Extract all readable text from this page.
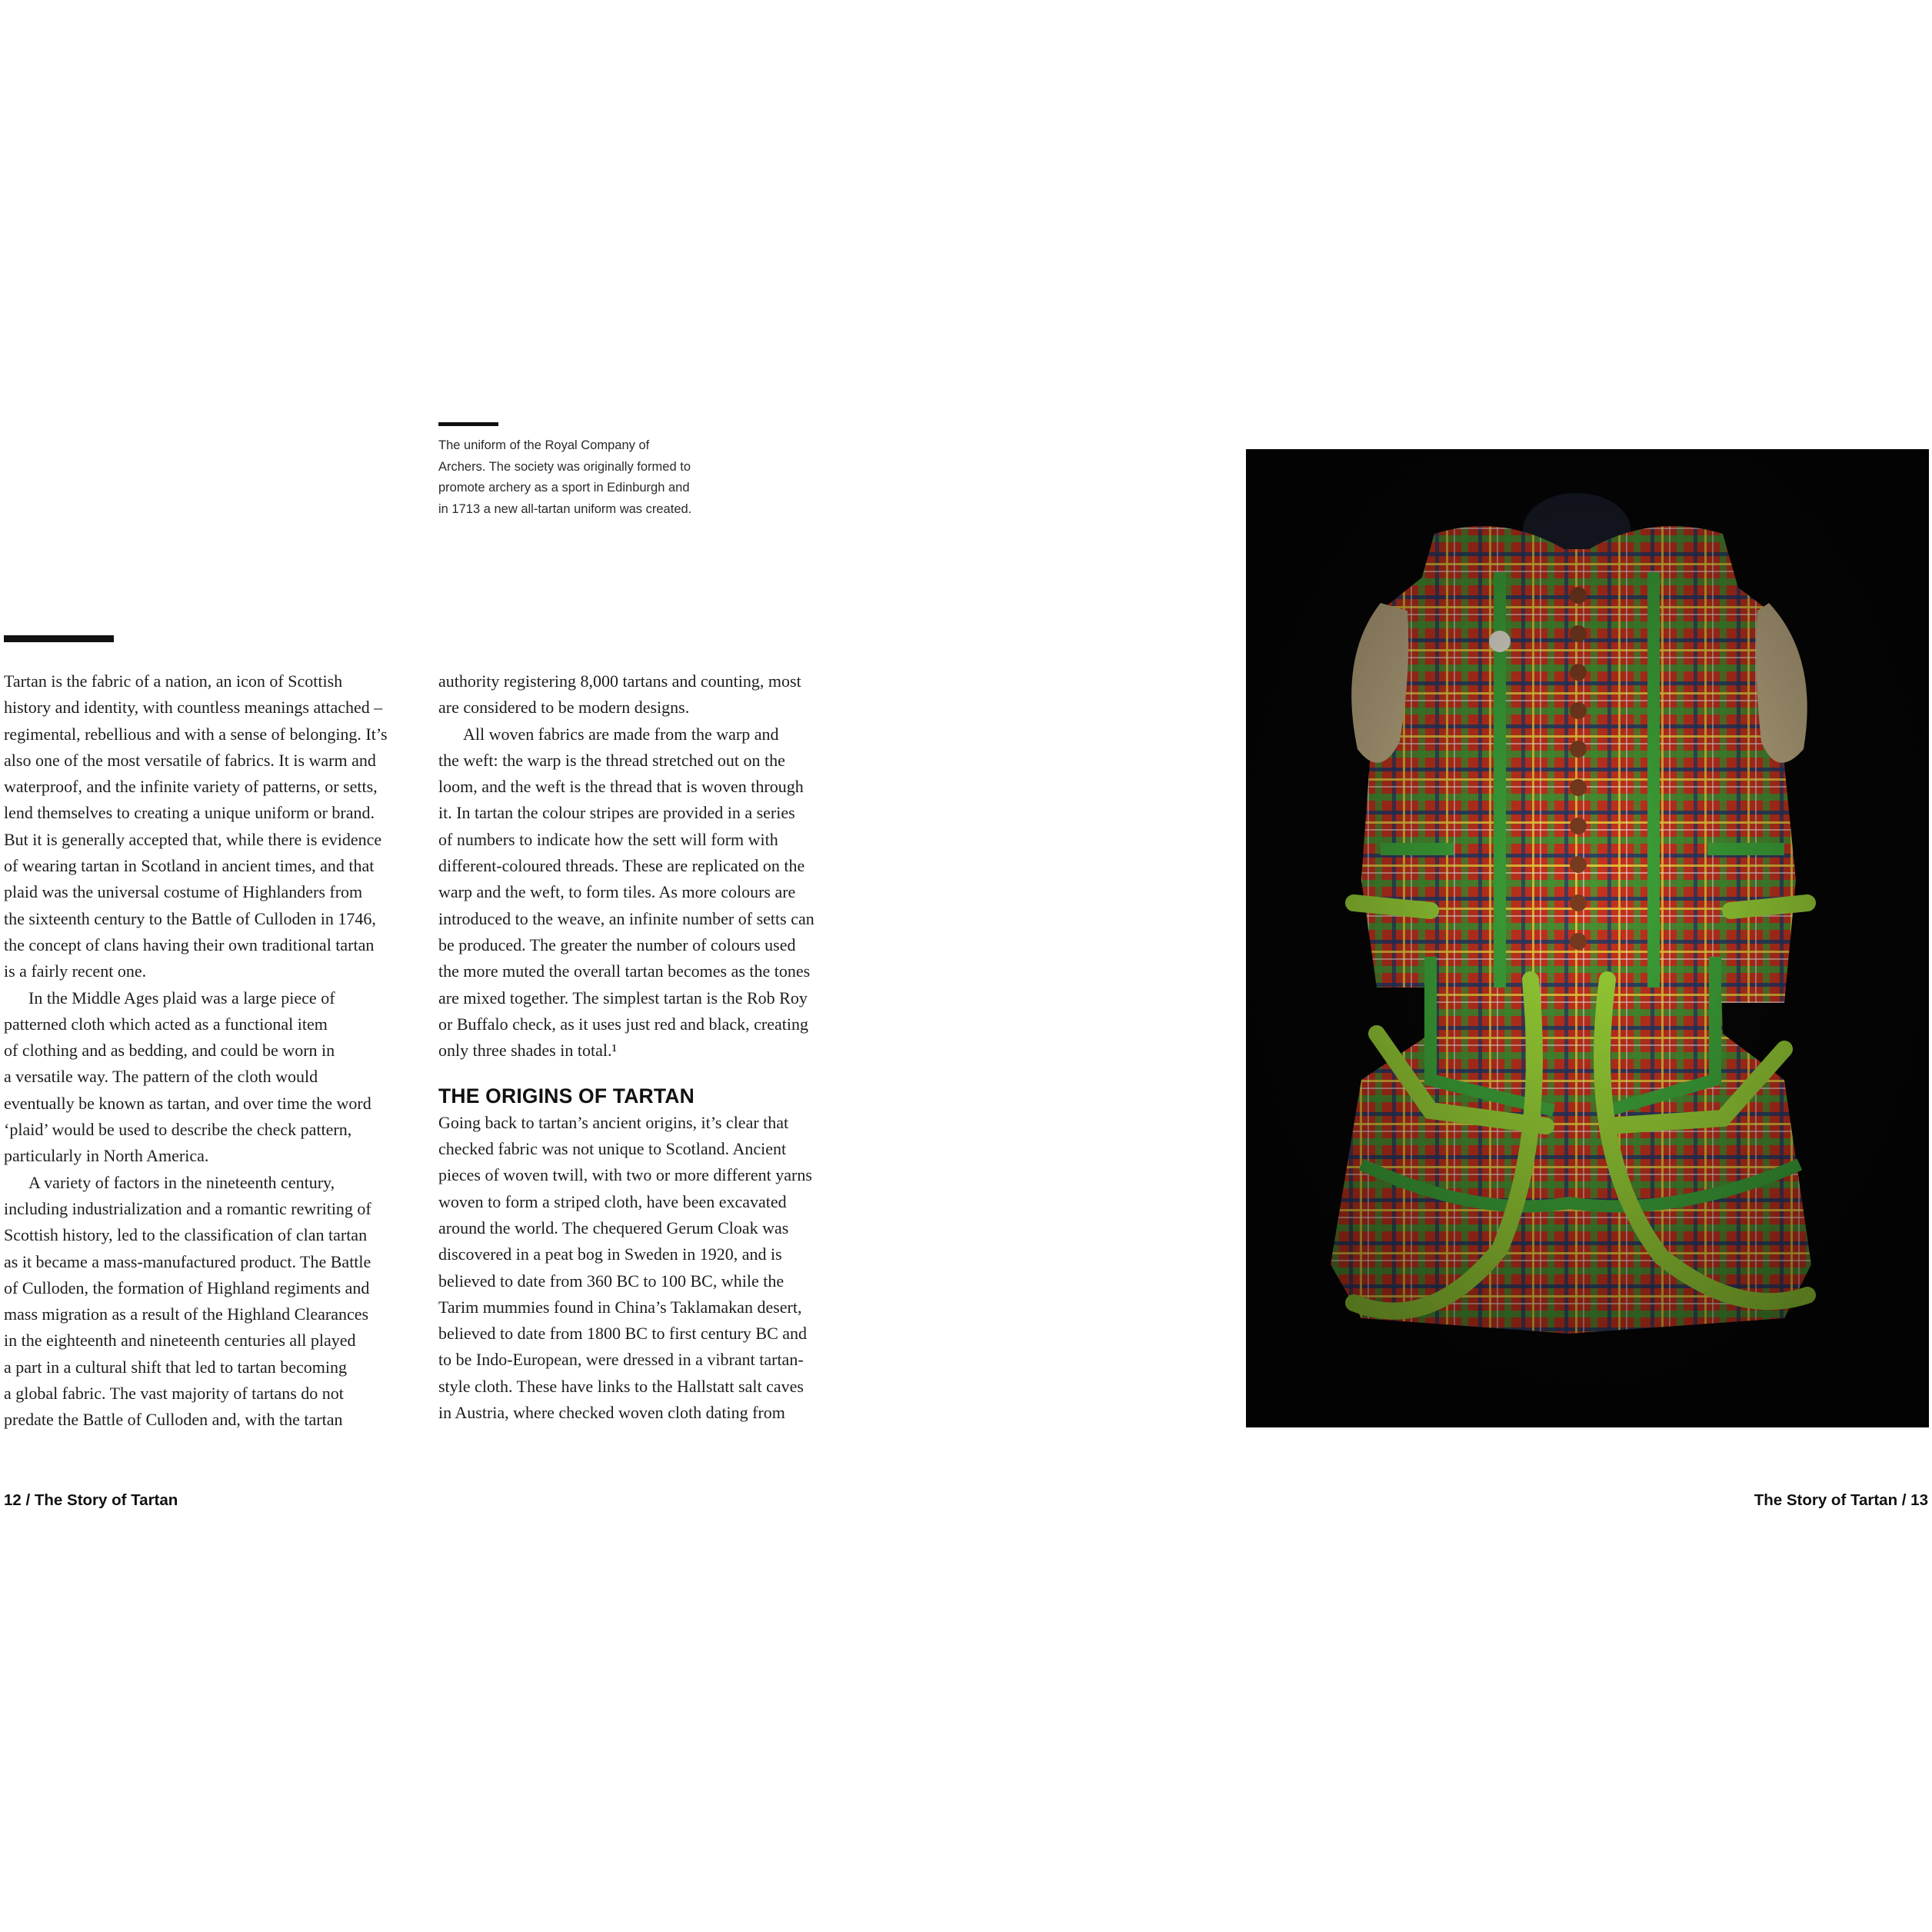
The uniform of the Royal Company of
Archers. The society was originally formed to
promote archery as a sport in Edinburgh and
in 1713 a new all-tartan uniform was created.
Tartan is the fabric of a nation, an icon of Scottish
history and identity, with countless meanings attached –
regimental, rebellious and with a sense of belonging. It’s
also one of the most versatile of fabrics. It is warm and
waterproof, and the infinite variety of patterns, or setts,
lend themselves to creating a unique uniform or brand.
But it is generally accepted that, while there is evidence
of wearing tartan in Scotland in ancient times, and that
plaid was the universal costume of Highlanders from
the sixteenth century to the Battle of Culloden in 1746,
the concept of clans having their own traditional tartan
is a fairly recent one.
In the Middle Ages plaid was a large piece of
patterned cloth which acted as a functional item
of clothing and as bedding, and could be worn in
a versatile way. The pattern of the cloth would
eventually be known as tartan, and over time the word
‘plaid’ would be used to describe the check pattern,
particularly in North America.
A variety of factors in the nineteenth century,
including industrialization and a romantic rewriting of
Scottish history, led to the classification of clan tartan
as it became a mass-manufactured product. The Battle
of Culloden, the formation of Highland regiments and
mass migration as a result of the Highland Clearances
in the eighteenth and nineteenth centuries all played
a part in a cultural shift that led to tartan becoming
a global fabric. The vast majority of tartans do not
predate the Battle of Culloden and, with the tartan
authority registering 8,000 tartans and counting, most
are considered to be modern designs.
All woven fabrics are made from the warp and
the weft: the warp is the thread stretched out on the
loom, and the weft is the thread that is woven through
it. In tartan the colour stripes are provided in a series
of numbers to indicate how the sett will form with
different-coloured threads. These are replicated on the
warp and the weft, to form tiles. As more colours are
introduced to the weave, an infinite number of setts can
be produced. The greater the number of colours used
the more muted the overall tartan becomes as the tones
are mixed together. The simplest tartan is the Rob Roy
or Buffalo check, as it uses just red and black, creating
only three shades in total.¹
THE ORIGINS OF TARTAN
Going back to tartan’s ancient origins, it’s clear that
checked fabric was not unique to Scotland. Ancient
pieces of woven twill, with two or more different yarns
woven to form a striped cloth, have been excavated
around the world. The chequered Gerum Cloak was
discovered in a peat bog in Sweden in 1920, and is
believed to date from 360 BC to 100 BC, while the
Tarim mummies found in China’s Taklamakan desert,
believed to date from 1800 BC to first century BC and
to be Indo-European, were dressed in a vibrant tartan-
style cloth. These have links to the Hallstatt salt caves
in Austria, where checked woven cloth dating from
12 / The Story of Tartan	The Story of Tartan / 13
